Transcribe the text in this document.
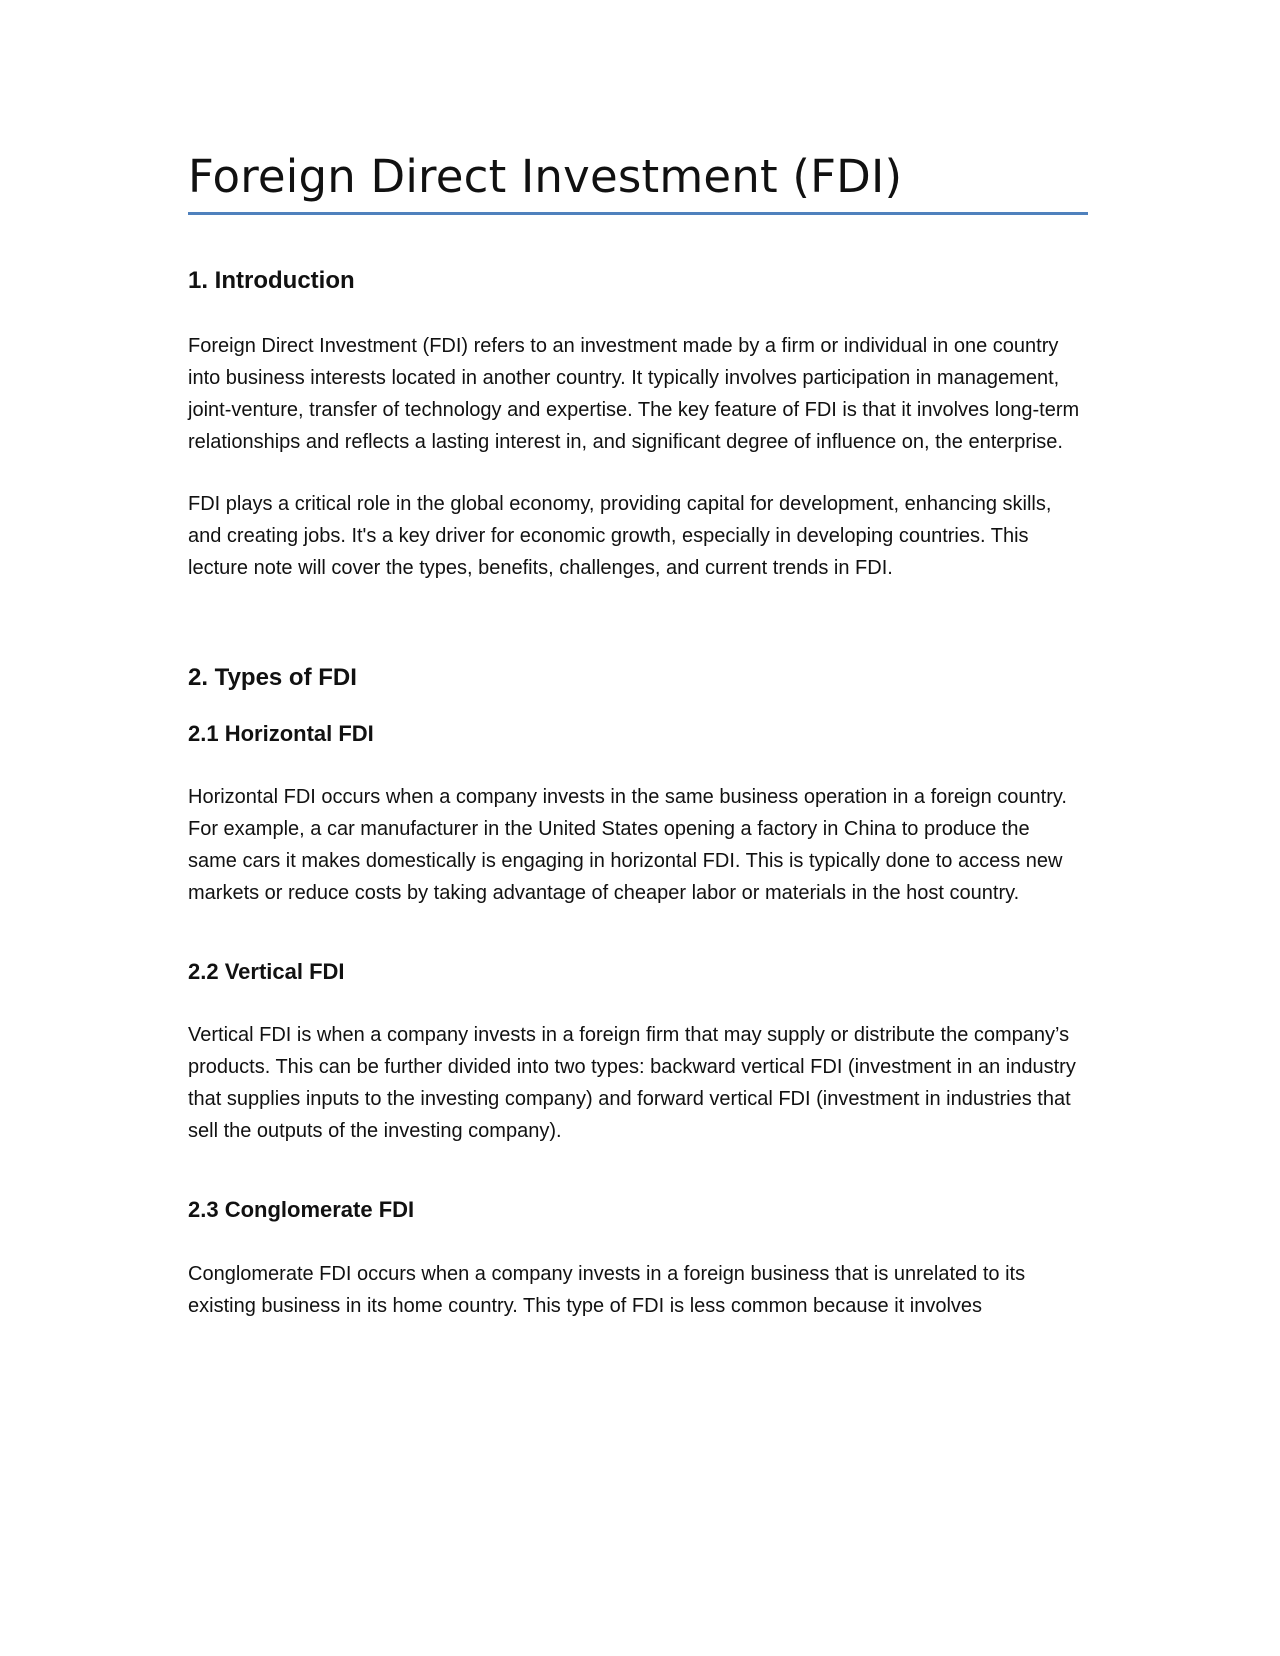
Foreign Direct Investment (FDI)
1. Introduction

Foreign Direct Investment (FDI) refers to an investment made by a firm or individual in one country into business interests located in another country. It typically involves participation in management, joint-venture, transfer of technology and expertise. The key feature of FDI is that it involves long-term relationships and reflects a lasting interest in, and significant degree of influence on, the enterprise.

FDI plays a critical role in the global economy, providing capital for development, enhancing skills, and creating jobs. It's a key driver for economic growth, especially in developing countries. This lecture note will cover the types, benefits, challenges, and current trends in FDI.

2. Types of FDI
2.1 Horizontal FDI

Horizontal FDI occurs when a company invests in the same business operation in a foreign country. For example, a car manufacturer in the United States opening a factory in China to produce the same cars it makes domestically is engaging in horizontal FDI. This is typically done to access new markets or reduce costs by taking advantage of cheaper labor or materials in the host country.

2.2 Vertical FDI

Vertical FDI is when a company invests in a foreign firm that may supply or distribute the company’s products. This can be further divided into two types: backward vertical FDI (investment in an industry that supplies inputs to the investing company) and forward vertical FDI (investment in industries that sell the outputs of the investing company).

2.3 Conglomerate FDI

Conglomerate FDI occurs when a company invests in a foreign business that is unrelated to its existing business in its home country. This type of FDI is less common because it involves
